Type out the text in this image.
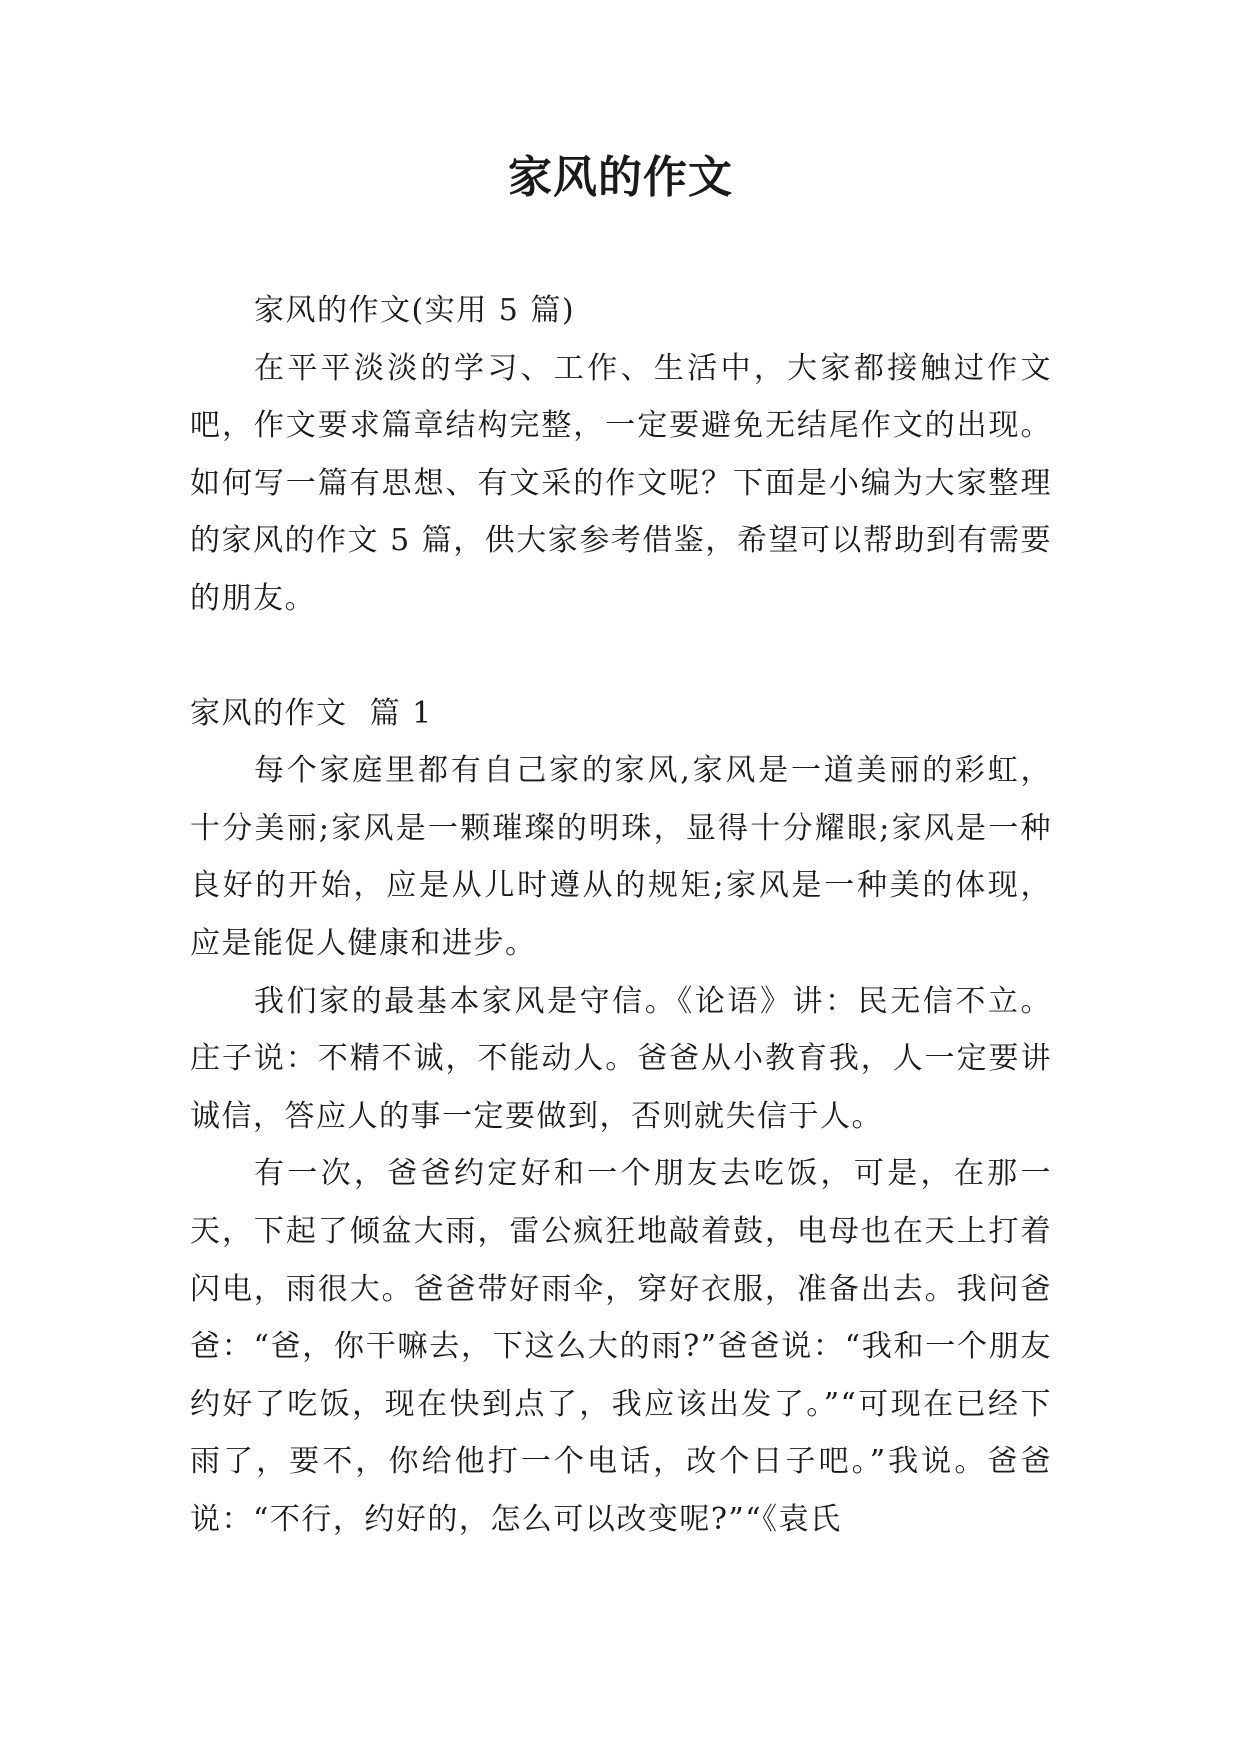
家风的作文

家风的作文(实用 5 篇)

在平平淡淡的学习、工作、生活中，大家都接触过作文吧，作文要求篇章结构完整，一定要避免无结尾作文的出现。如何写一篇有思想、有文采的作文呢？下面是小编为大家整理的家风的作文 5 篇，供大家参考借鉴，希望可以帮助到有需要的朋友。

家风的作文  篇 1

每个家庭里都有自己家的家风,家风是一道美丽的彩虹，十分美丽;家风是一颗璀璨的明珠，显得十分耀眼;家风是一种良好的开始，应是从儿时遵从的规矩;家风是一种美的体现，应是能促人健康和进步。

我们家的最基本家风是守信。《论语》讲：民无信不立。庄子说：不精不诚，不能动人。爸爸从小教育我，人一定要讲诚信，答应人的事一定要做到，否则就失信于人。

有一次，爸爸约定好和一个朋友去吃饭，可是，在那一天，下起了倾盆大雨，雷公疯狂地敲着鼓，电母也在天上打着闪电，雨很大。爸爸带好雨伞，穿好衣服，准备出去。我问爸爸：“爸，你干嘛去，下这么大的雨?”爸爸说：“我和一个朋友约好了吃饭，现在快到点了，我应该出发了。”“可现在已经下雨了，要不，你给他打一个电话，改个日子吧。”我说。爸爸说：“不行，约好的，怎么可以改变呢?”“《袁氏
